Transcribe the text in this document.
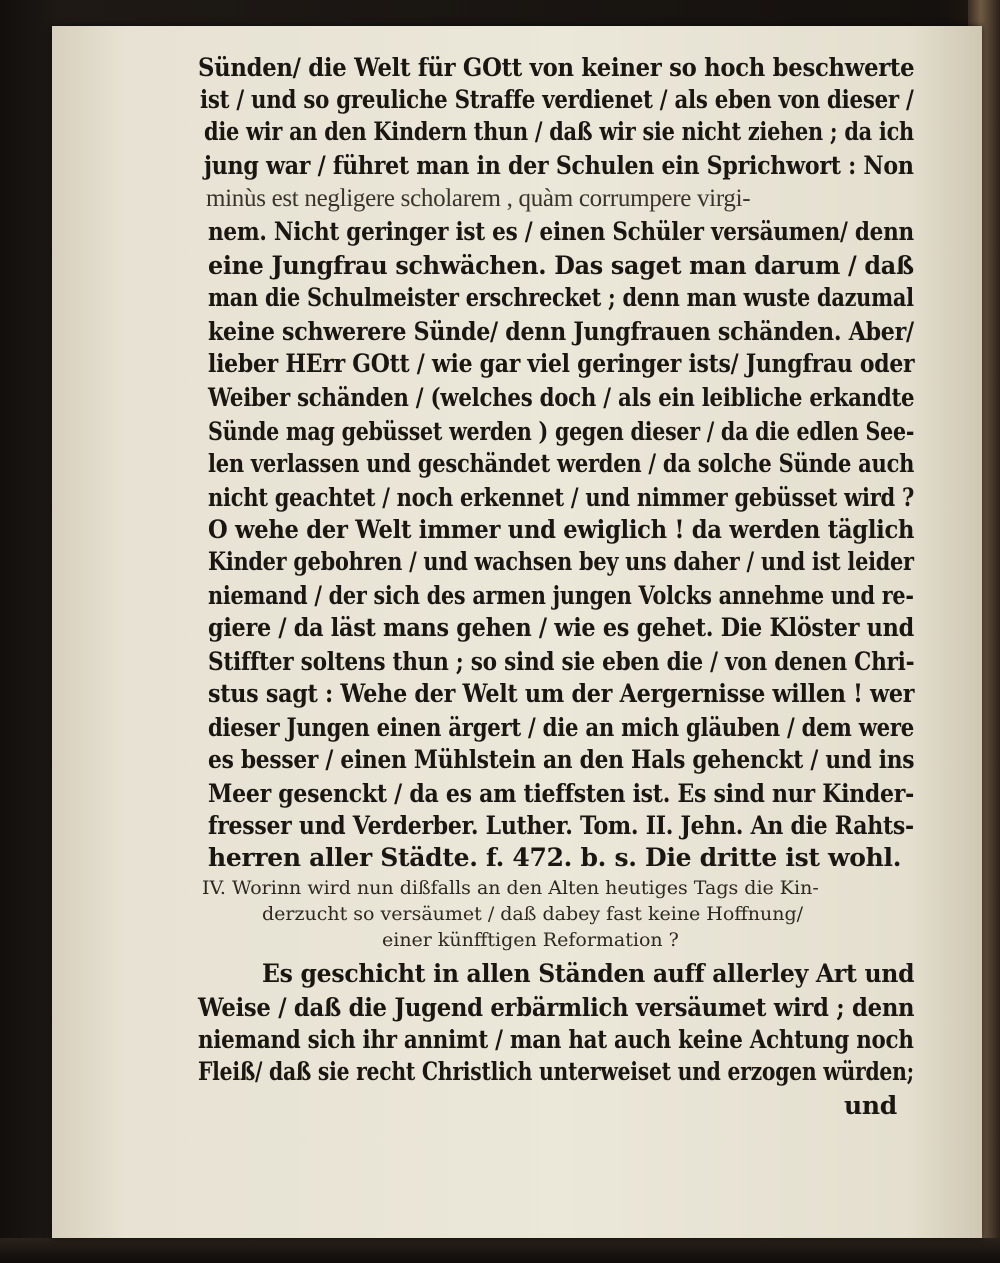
Sünden/ die Welt für GOtt von keiner so hoch beschwerte
ist / und so greuliche Straffe verdienet / als eben von dieser /
die wir an den Kindern thun / daß wir sie nicht ziehen ; da ich
jung war / führet man in der Schulen ein Sprichwort : Non
minùs est negligere scholarem , quàm corrumpere virgi-
nem. Nicht geringer ist es / einen Schüler versäumen/ denn
eine Jungfrau schwächen. Das saget man darum / daß
man die Schulmeister erschrecket ; denn man wuste dazumal
keine schwerere Sünde/ denn Jungfrauen schänden. Aber/
lieber HErr GOtt / wie gar viel geringer ists/ Jungfrau oder
Weiber schänden / (welches doch / als ein leibliche erkandte
Sünde mag gebüsset werden ) gegen dieser / da die edlen See-
len verlassen und geschändet werden / da solche Sünde auch
nicht geachtet / noch erkennet / und nimmer gebüsset wird ?
O wehe der Welt immer und ewiglich ! da werden täglich
Kinder gebohren / und wachsen bey uns daher / und ist leider
niemand / der sich des armen jungen Volcks annehme und re-
giere / da läst mans gehen / wie es gehet. Die Klöster und
Stiffter soltens thun ; so sind sie eben die / von denen Chri-
stus sagt : Wehe der Welt um der Aergernisse willen ! wer
dieser Jungen einen ärgert / die an mich gläuben / dem were
es besser / einen Mühlstein an den Hals gehenckt / und ins
Meer gesenckt / da es am tieffsten ist. Es sind nur Kinder-
fresser und Verderber. Luther. Tom. II. Jehn. An die Rahts-
herren aller Städte. f. 472. b. s. Die dritte ist wohl.
IV. Worinn wird nun dißfalls an den Alten heutiges Tags die Kin-
derzucht so versäumet / daß dabey fast keine Hoffnung/
einer künfftigen Reformation ?
Es geschicht in allen Ständen auff allerley Art und
Weise / daß die Jugend erbärmlich versäumet wird ; denn
niemand sich ihr annimt / man hat auch keine Achtung noch
Fleiß/ daß sie recht Christlich unterweiset und erzogen würden;
und
